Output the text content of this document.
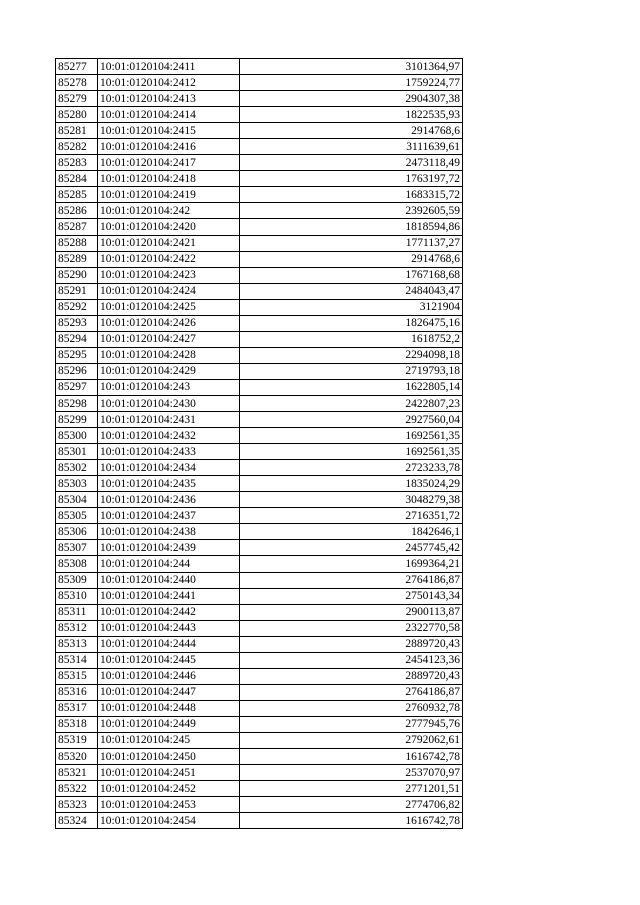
85277	10:01:0120104:2411	3101364,97
85278	10:01:0120104:2412	1759224,77
85279	10:01:0120104:2413	2904307,38
85280	10:01:0120104:2414	1822535,93
85281	10:01:0120104:2415	2914768,6
85282	10:01:0120104:2416	3111639,61
85283	10:01:0120104:2417	2473118,49
85284	10:01:0120104:2418	1763197,72
85285	10:01:0120104:2419	1683315,72
85286	10:01:0120104:242	2392605,59
85287	10:01:0120104:2420	1818594,86
85288	10:01:0120104:2421	1771137,27
85289	10:01:0120104:2422	2914768,6
85290	10:01:0120104:2423	1767168,68
85291	10:01:0120104:2424	2484043,47
85292	10:01:0120104:2425	3121904
85293	10:01:0120104:2426	1826475,16
85294	10:01:0120104:2427	1618752,2
85295	10:01:0120104:2428	2294098,18
85296	10:01:0120104:2429	2719793,18
85297	10:01:0120104:243	1622805,14
85298	10:01:0120104:2430	2422807,23
85299	10:01:0120104:2431	2927560,04
85300	10:01:0120104:2432	1692561,35
85301	10:01:0120104:2433	1692561,35
85302	10:01:0120104:2434	2723233,78
85303	10:01:0120104:2435	1835024,29
85304	10:01:0120104:2436	3048279,38
85305	10:01:0120104:2437	2716351,72
85306	10:01:0120104:2438	1842646,1
85307	10:01:0120104:2439	2457745,42
85308	10:01:0120104:244	1699364,21
85309	10:01:0120104:2440	2764186,87
85310	10:01:0120104:2441	2750143,34
85311	10:01:0120104:2442	2900113,87
85312	10:01:0120104:2443	2322770,58
85313	10:01:0120104:2444	2889720,43
85314	10:01:0120104:2445	2454123,36
85315	10:01:0120104:2446	2889720,43
85316	10:01:0120104:2447	2764186,87
85317	10:01:0120104:2448	2760932,78
85318	10:01:0120104:2449	2777945,76
85319	10:01:0120104:245	2792062,61
85320	10:01:0120104:2450	1616742,78
85321	10:01:0120104:2451	2537070,97
85322	10:01:0120104:2452	2771201,51
85323	10:01:0120104:2453	2774706,82
85324	10:01:0120104:2454	1616742,78
